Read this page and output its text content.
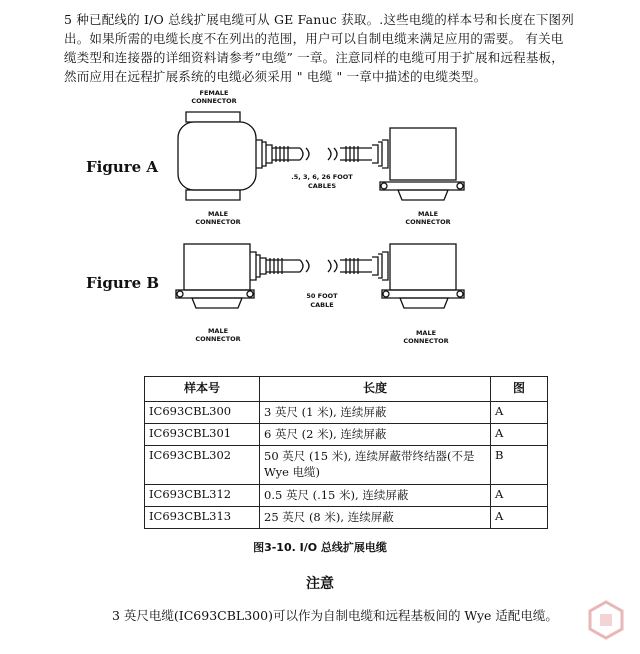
5 种已配线的 I/O 总线扩展电缆可从 GE Fanuc 获取。.这些电缆的样本号和长度在下图列

出。如果所需的电缆长度不在列出的范围，用户可以自制电缆来满足应用的需要。 有关电

缆类型和连接器的详细资料请参考”电缆” 一章。注意同样的电缆可用于扩展和远程基板，

然而应用在远程扩展系统的电缆必须采用 " 电缆 " 一章中描述的电缆类型。

Figure A
Figure B
FEMALE
CONNECTOR
MALE
CONNECTOR
MALE
CONNECTOR
.5, 3, 6, 26 FOOT
CABLES
50 FOOT
CABLE
MALE
CONNECTOR
MALE
CONNECTOR
样本号	长度	图
IC693CBL300	3 英尺 (1 米), 连续屏蔽	A
IC693CBL301	6 英尺 (2 米), 连续屏蔽	A
IC693CBL302	50 英尺 (15 米), 连续屏蔽带终结器(不是 Wye 电缆)	B
IC693CBL312	0.5 英尺 (.15 米), 连续屏蔽	A
IC693CBL313	25 英尺 (8 米), 连续屏蔽	A
图3-10. I/O 总线扩展电缆
注意
3 英尺电缆(IC693CBL300)可以作为自制电缆和远程基板间的 Wye 适配电缆。
